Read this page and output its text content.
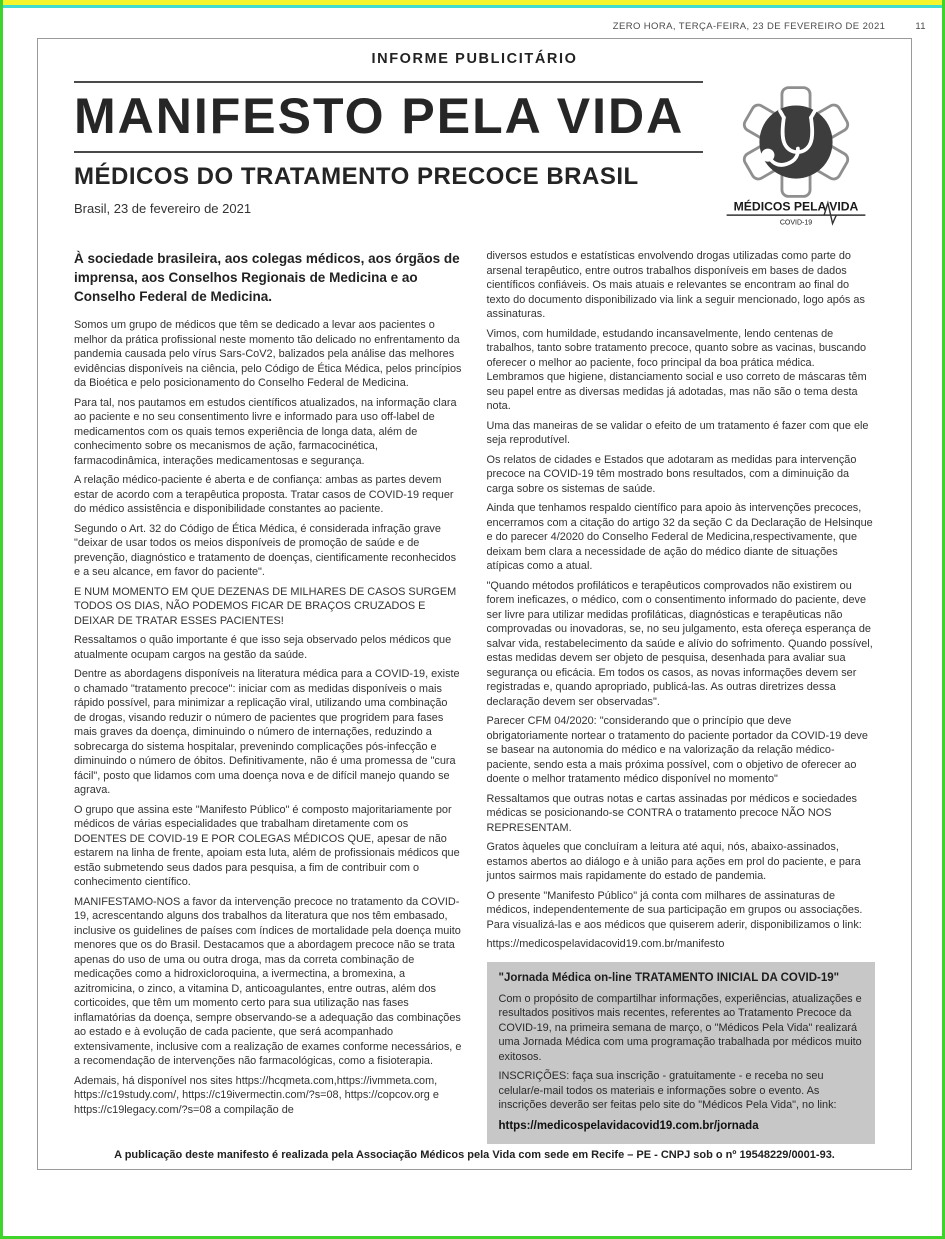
ZERO HORA, TERÇA-FEIRA, 23 DE FEVEREIRO DE 2021	11
INFORME PUBLICITÁRIO
MANIFESTO PELA VIDA
MÉDICOS DO TRATAMENTO PRECOCE BRASIL
Brasil, 23 de fevereiro de 2021	MÉDICOS PELA VIDA
COVID-19

À sociedade brasileira, aos colegas médicos, aos órgãos de imprensa, aos Conselhos Regionais de Medicina e ao Conselho Federal de Medicina.

Somos um grupo de médicos que têm se dedicado a levar aos pacientes o melhor da prática profissional neste momento tão delicado no enfrentamento da pandemia causada pelo vírus Sars-CoV2, balizados pela análise das melhores evidências disponíveis na ciência, pelo Código de Ética Médica, pelos princípios da Bioética e pelo posicionamento do Conselho Federal de Medicina.

Para tal, nos pautamos em estudos científicos atualizados, na informação clara ao paciente e no seu consentimento livre e informado para uso off-label de medicamentos com os quais temos experiência de longa data, além de conhecimento sobre os mecanismos de ação, farmacocinética, farmacodinâmica, interações medicamentosas e segurança.

A relação médico-paciente é aberta e de confiança: ambas as partes devem estar de acordo com a terapêutica proposta. Tratar casos de COVID-19 requer do médico assistência e disponibilidade constantes ao paciente.

Segundo o Art. 32 do Código de Ética Médica, é considerada infração grave "deixar de usar todos os meios disponíveis de promoção de saúde e de prevenção, diagnóstico e tratamento de doenças, cientificamente reconhecidos e a seu alcance, em favor do paciente".

E NUM MOMENTO EM QUE DEZENAS DE MILHARES DE CASOS SURGEM TODOS OS DIAS, NÃO PODEMOS FICAR DE BRAÇOS CRUZADOS E DEIXAR DE TRATAR ESSES PACIENTES!

Ressaltamos o quão importante é que isso seja observado pelos médicos que atualmente ocupam cargos na gestão da saúde.

Dentre as abordagens disponíveis na literatura médica para a COVID-19, existe o chamado "tratamento precoce": iniciar com as medidas disponíveis o mais rápido possível, para minimizar a replicação viral, utilizando uma combinação de drogas, visando reduzir o número de pacientes que progridem para fases mais graves da doença, diminuindo o número de internações, reduzindo a sobrecarga do sistema hospitalar, prevenindo complicações pós-infecção e diminuindo o número de óbitos. Definitivamente, não é uma promessa de "cura fácil", posto que lidamos com uma doença nova e de difícil manejo quando se agrava.

O grupo que assina este "Manifesto Público" é composto majoritariamente por médicos de várias especialidades que trabalham diretamente com os DOENTES DE COVID-19 E POR COLEGAS MÉDICOS QUE, apesar de não estarem na linha de frente, apoiam esta luta, além de profissionais médicos que estão submetendo seus dados para pesquisa, a fim de contribuir com o conhecimento científico.

MANIFESTAMO-NOS a favor da intervenção precoce no tratamento da COVID-19, acrescentando alguns dos trabalhos da literatura que nos têm embasado, inclusive os guidelines de países com índices de mortalidade pela doença muito menores que os do Brasil. Destacamos que a abordagem precoce não se trata apenas do uso de uma ou outra droga, mas da correta combinação de medicações como a hidroxicloroquina, a ivermectina, a bromexina, a azitromicina, o zinco, a vitamina D, anticoagulantes, entre outras, além dos corticoides, que têm um momento certo para sua utilização nas fases inflamatórias da doença, sempre observando-se a adequação das combinações ao estado e à evolução de cada paciente, que será acompanhado extensivamente, inclusive com a realização de exames conforme necessários, e a recomendação de intervenções não farmacológicas, como a fisioterapia.

Ademais, há disponível nos sites https://hcqmeta.com,https://ivmmeta.com, https://c19study.com/, https://c19ivermectin.com/?s=08, https://copcov.org e https://c19legacy.com/?s=08 a compilação de

diversos estudos e estatísticas envolvendo drogas utilizadas como parte do arsenal terapêutico, entre outros trabalhos disponíveis em bases de dados científicos confiáveis. Os mais atuais e relevantes se encontram ao final do texto do documento disponibilizado via link a seguir mencionado, logo após as assinaturas.

Vimos, com humildade, estudando incansavelmente, lendo centenas de trabalhos, tanto sobre tratamento precoce, quanto sobre as vacinas, buscando oferecer o melhor ao paciente, foco principal da boa prática médica. Lembramos que higiene, distanciamento social e uso correto de máscaras têm seu papel entre as diversas medidas já adotadas, mas não são o tema desta nota.

Uma das maneiras de se validar o efeito de um tratamento é fazer com que ele seja reprodutível.

Os relatos de cidades e Estados que adotaram as medidas para intervenção precoce na COVID-19 têm mostrado bons resultados, com a diminuição da carga sobre os sistemas de saúde.

Ainda que tenhamos respaldo científico para apoio às intervenções precoces, encerramos com a citação do artigo 32 da seção C da Declaração de Helsinque e do parecer 4/2020 do Conselho Federal de Medicina,respectivamente, que deixam bem clara a necessidade de ação do médico diante de situações atípicas como a atual.

"Quando métodos profiláticos e terapêuticos comprovados não existirem ou forem ineficazes, o médico, com o consentimento informado do paciente, deve ser livre para utilizar medidas profiláticas, diagnósticas e terapêuticas não comprovadas ou inovadoras, se, no seu julgamento, esta ofereça esperança de salvar vida, restabelecimento da saúde e alívio do sofrimento. Quando possível, estas medidas devem ser objeto de pesquisa, desenhada para avaliar sua segurança ou eficácia. Em todos os casos, as novas informações devem ser registradas e, quando apropriado, publicá-las. As outras diretrizes dessa declaração devem ser observadas".

Parecer CFM 04/2020: "considerando que o princípio que deve obrigatoriamente nortear o tratamento do paciente portador da COVID-19 deve se basear na autonomia do médico e na valorização da relação médico-paciente, sendo esta a mais próxima possível, com o objetivo de oferecer ao doente o melhor tratamento médico disponível no momento"

Ressaltamos que outras notas e cartas assinadas por médicos e sociedades médicas se posicionando-se CONTRA o tratamento precoce NÃO NOS REPRESENTAM.

Gratos àqueles que concluíram a leitura até aqui, nós, abaixo-assinados, estamos abertos ao diálogo e à união para ações em prol do paciente, e para juntos sairmos mais rapidamente do estado de pandemia.

O presente "Manifesto Público" já conta com milhares de assinaturas de médicos, independentemente de sua participação em grupos ou associações. Para visualizá-las e aos médicos que quiserem aderir, disponibilizamos o link:

https://medicospelavidacovid19.com.br/manifesto
"Jornada Médica on-line TRATAMENTO INICIAL DA COVID-19"

Com o propósito de compartilhar informações, experiências, atualizações e resultados positivos mais recentes, referentes ao Tratamento Precoce da COVID-19, na primeira semana de março, o "Médicos Pela Vida" realizará uma Jornada Médica com uma programação trabalhada por médicos muito exitosos.

INSCRIÇÕES: faça sua inscrição - gratuitamente - e receba no seu celular/e-mail todos os materiais e informações sobre o evento. As inscrições deverão ser feitas pelo site do "Médicos Pela Vida", no link:

https://medicospelavidacovid19.com.br/jornada
A publicação deste manifesto é realizada pela Associação Médicos pela Vida com sede em Recife – PE - CNPJ sob o nº 19548229/0001-93.
